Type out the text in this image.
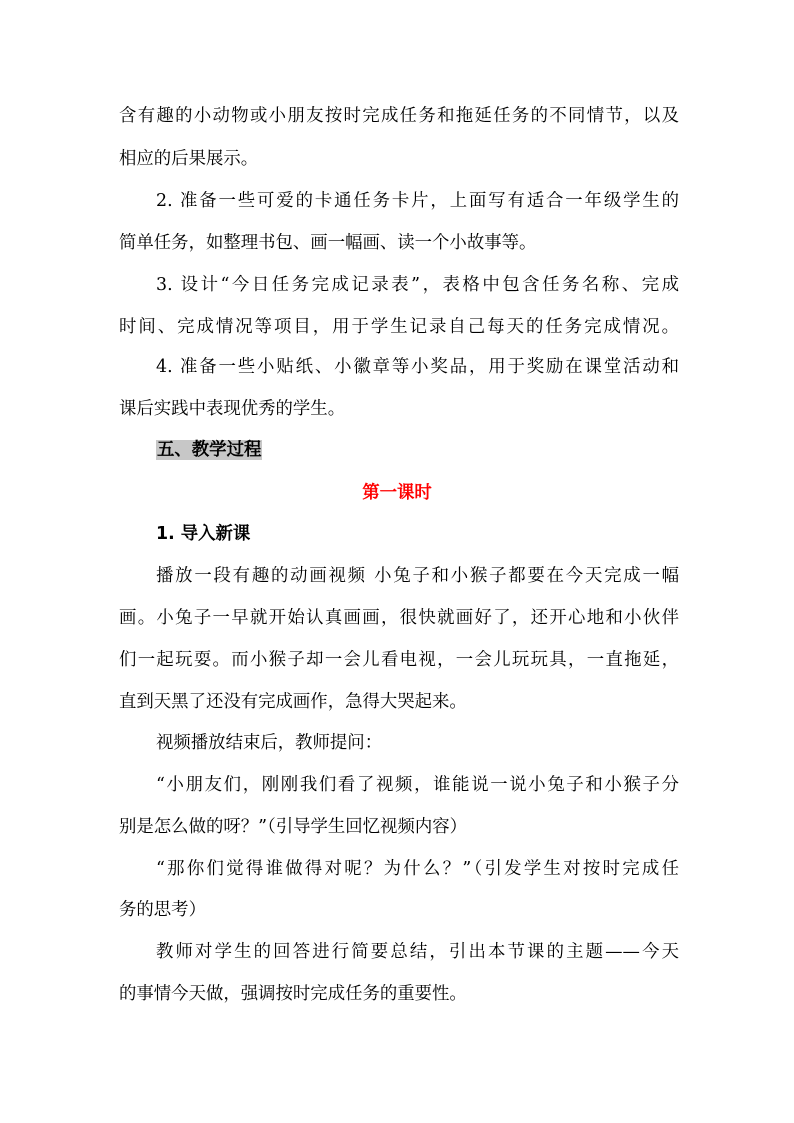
含有趣的小动物或小朋友按时完成任务和拖延任务的不同情节，以及
相应的后果展示。
2. 准备一些可爱的卡通任务卡片，上面写有适合一年级学生的
简单任务，如整理书包、画一幅画、读一个小故事等。
3. 设计“今日任务完成记录表”，表格中包含任务名称、完成
时间、完成情况等项目，用于学生记录自己每天的任务完成情况。
4. 准备一些小贴纸、小徽章等小奖品，用于奖励在课堂活动和
课后实践中表现优秀的学生。
五、教学过程
第一课时
1. 导入新课
播放一段有趣的动画视频 小兔子和小猴子都要在今天完成一幅
画。小兔子一早就开始认真画画，很快就画好了，还开心地和小伙伴
们一起玩耍。而小猴子却一会儿看电视，一会儿玩玩具，一直拖延，
直到天黑了还没有完成画作，急得大哭起来。
视频播放结束后，教师提问：
“小朋友们，刚刚我们看了视频，谁能说一说小兔子和小猴子分
别是怎么做的呀？”（引导学生回忆视频内容）
“那你们觉得谁做得对呢？为什么？”（引发学生对按时完成任
务的思考）
教师对学生的回答进行简要总结，引出本节课的主题——今天
的事情今天做，强调按时完成任务的重要性。
